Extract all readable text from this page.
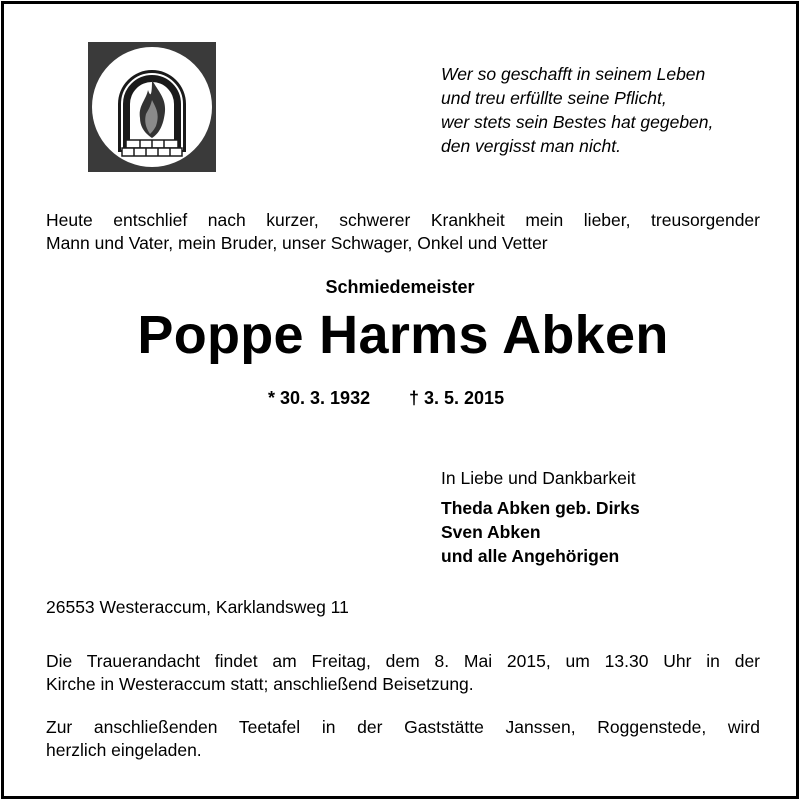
Wer so geschafft in seinem Leben
und treu erfüllte seine Pflicht,
wer stets sein Bestes hat gegeben,
den vergisst man nicht.
Heute entschlief nach kurzer, schwerer Krankheit mein lieber, treusorgender
Mann und Vater, mein Bruder, unser Schwager, Onkel und Vetter
Schmiedemeister
Poppe Harms Abken
* 30. 3. 1932 † 3. 5. 2015
In Liebe und Dankbarkeit
Theda Abken geb. Dirks
Sven Abken
und alle Angehörigen
26553 Westeraccum, Karklandsweg 11
Die Trauerandacht findet am Freitag, dem 8. Mai 2015, um 13.30 Uhr in der
Kirche in Westeraccum statt; anschließend Beisetzung.
Zur anschließenden Teetafel in der Gaststätte Janssen, Roggenstede, wird
herzlich eingeladen.
